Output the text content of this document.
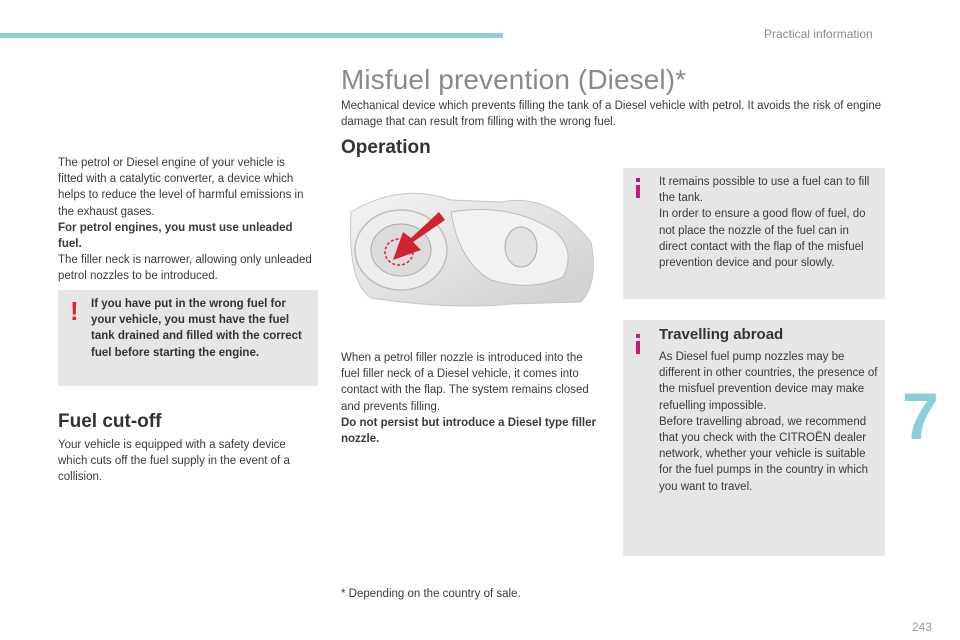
Practical information

The petrol or Diesel engine of your vehicle is fitted with a catalytic converter, a device which helps to reduce the level of harmful emissions in the exhaust gases.

For petrol engines, you must use unleaded fuel.

The filler neck is narrower, allowing only unleaded petrol nozzles to be introduced.

! If you have put in the wrong fuel for your vehicle, you must have the fuel tank drained and filled with the correct fuel before starting the engine.
Fuel cut-off
Your vehicle is equipped with a safety device which cuts off the fuel supply in the event of a collision.
Misfuel prevention (Diesel)*
Mechanical device which prevents filling the tank of a Diesel vehicle with petrol. It avoids the risk of engine damage that can result from filling with the wrong fuel.
Operation

When a petrol filler nozzle is introduced into the fuel filler neck of a Diesel vehicle, it comes into contact with the flap. The system remains closed and prevents filling.

Do not persist but introduce a Diesel type filler nozzle.

It remains possible to use a fuel can to fill the tank.
In order to ensure a good flow of fuel, do not place the nozzle of the fuel can in direct contact with the flap of the misfuel prevention device and pour slowly.
Travelling abroad
As Diesel fuel pump nozzles may be different in other countries, the presence of the misfuel prevention device may make refuelling impossible.
Before travelling abroad, we recommend that you check with the CITROËN dealer network, whether your vehicle is suitable for the fuel pumps in the country in which you want to travel.
* Depending on the country of sale.
7
243
